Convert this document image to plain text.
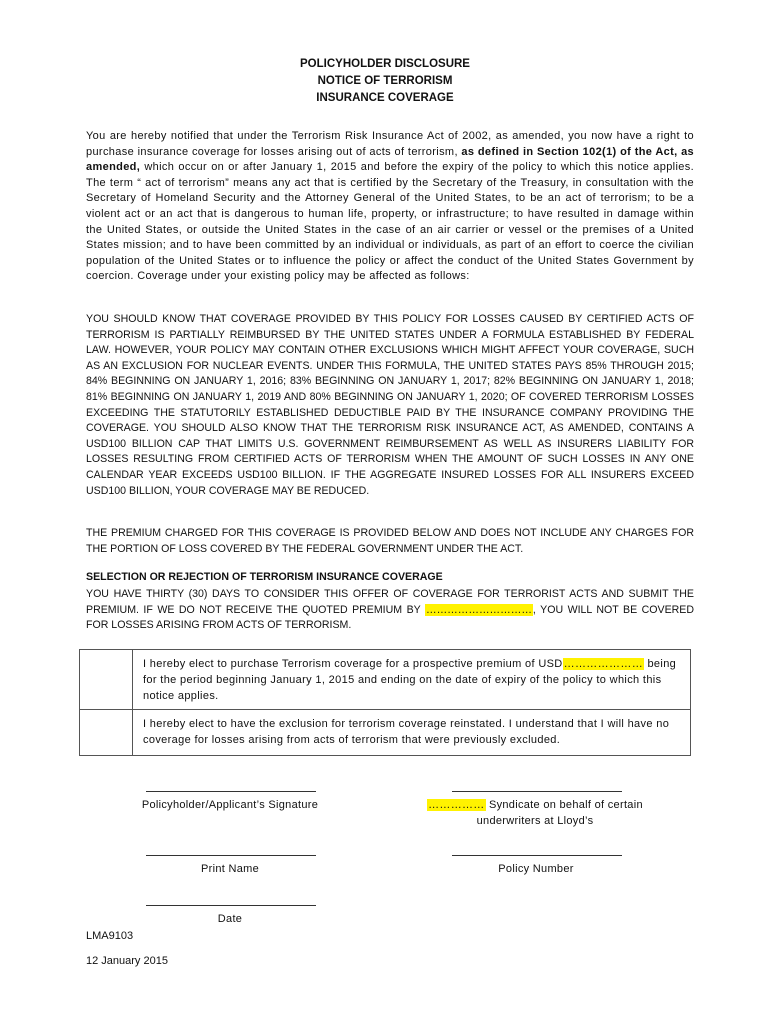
POLICYHOLDER DISCLOSURE
NOTICE OF TERRORISM
INSURANCE COVERAGE

You are hereby notified that under the Terrorism Risk Insurance Act of 2002, as amended, you now have a right to purchase insurance coverage for losses arising out of acts of terrorism, as defined in Section 102(1) of the Act, as amended, which occur on or after January 1, 2015 and before the expiry of the policy to which this notice applies. The term “ act of terrorism” means any act that is certified by the Secretary of the Treasury, in consultation with the Secretary of Homeland Security and the Attorney General of the United States, to be an act of terrorism; to be a violent act or an act that is dangerous to human life, property, or infrastructure; to have resulted in damage within the United States, or outside the United States in the case of an air carrier or vessel or the premises of a United States mission; and to have been committed by an individual or individuals, as part of an effort to coerce the civilian population of the United States or to influence the policy or affect the conduct of the United States Government by coercion. Coverage under your existing policy may be affected as follows:

YOU SHOULD KNOW THAT COVERAGE PROVIDED BY THIS POLICY FOR LOSSES CAUSED BY CERTIFIED ACTS OF TERRORISM IS PARTIALLY REIMBURSED BY THE UNITED STATES UNDER A FORMULA ESTABLISHED BY FEDERAL LAW. HOWEVER, YOUR POLICY MAY CONTAIN OTHER EXCLUSIONS WHICH MIGHT AFFECT YOUR COVERAGE, SUCH AS AN EXCLUSION FOR NUCLEAR EVENTS. UNDER THIS FORMULA, THE UNITED STATES PAYS 85% THROUGH 2015; 84% BEGINNING ON JANUARY 1, 2016; 83% BEGINNING ON JANUARY 1, 2017; 82% BEGINNING ON JANUARY 1, 2018; 81% BEGINNING ON JANUARY 1, 2019 AND 80% BEGINNING ON JANUARY 1, 2020; OF COVERED TERRORISM LOSSES EXCEEDING THE STATUTORILY ESTABLISHED DEDUCTIBLE PAID BY THE INSURANCE COMPANY PROVIDING THE COVERAGE. YOU SHOULD ALSO KNOW THAT THE TERRORISM RISK INSURANCE ACT, AS AMENDED, CONTAINS A USD100 BILLION CAP THAT LIMITS U.S. GOVERNMENT REIMBURSEMENT AS WELL AS INSURERS LIABILITY FOR LOSSES RESULTING FROM CERTIFIED ACTS OF TERRORISM WHEN THE AMOUNT OF SUCH LOSSES IN ANY ONE CALENDAR YEAR EXCEEDS USD100 BILLION. IF THE AGGREGATE INSURED LOSSES FOR ALL INSURERS EXCEED USD100 BILLION, YOUR COVERAGE MAY BE REDUCED.

THE PREMIUM CHARGED FOR THIS COVERAGE IS PROVIDED BELOW AND DOES NOT INCLUDE ANY CHARGES FOR THE PORTION OF LOSS COVERED BY THE FEDERAL GOVERNMENT UNDER THE ACT.

SELECTION OR REJECTION OF TERRORISM INSURANCE COVERAGE

YOU HAVE THIRTY (30) DAYS TO CONSIDER THIS OFFER OF COVERAGE FOR TERRORIST ACTS AND SUBMIT THE PREMIUM. IF WE DO NOT RECEIVE THE QUOTED PREMIUM BY …………………………, YOU WILL NOT BE COVERED FOR LOSSES ARISING FROM ACTS OF TERRORISM.

I hereby elect to purchase Terrorism coverage for a prospective premium of USD………………… being for the period beginning January 1, 2015 and ending on the date of expiry of the policy to which this notice applies.
I hereby elect to have the exclusion for terrorism coverage reinstated. I understand that I will have no coverage for losses arising from acts of terrorism that were previously excluded.
Policyholder/Applicant’s Signature	…………… Syndicate on behalf of certain
underwriters at Lloyd’s
Print Name	Policy Number
Date
LMA9103
12 January 2015
